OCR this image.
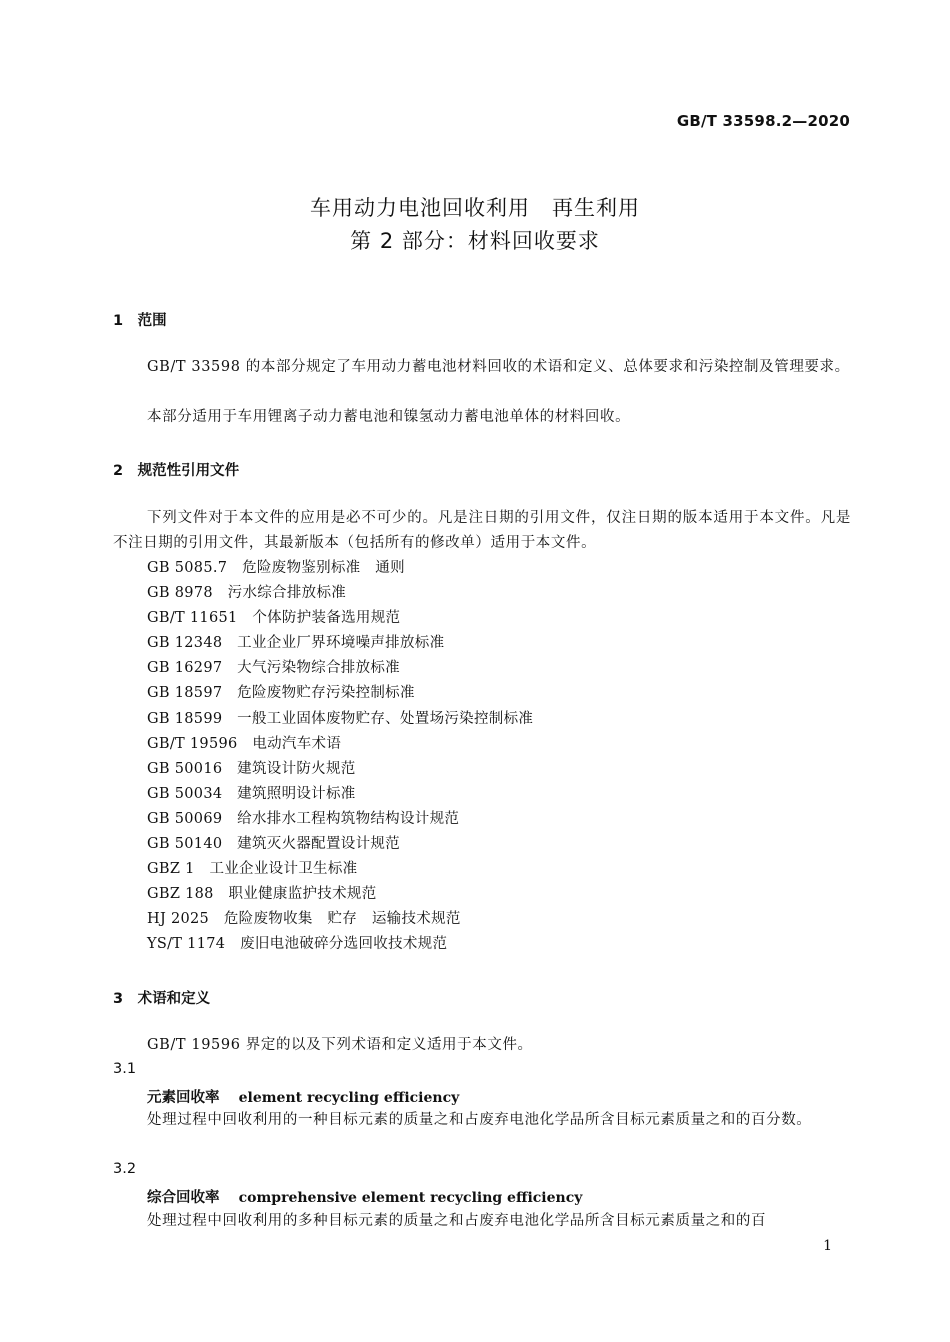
GB/T 33598.2—2020
车用动力电池回收利用　再生利用
第 2 部分：材料回收要求
1　范围
GB/T 33598 的本部分规定了车用动力蓄电池材料回收的术语和定义、总体要求和污染控制及管理要求。
本部分适用于车用锂离子动力蓄电池和镍氢动力蓄电池单体的材料回收。
2　规范性引用文件
下列文件对于本文件的应用是必不可少的。凡是注日期的引用文件，仅注日期的版本适用于本文件。凡是不注日期的引用文件，其最新版本（包括所有的修改单）适用于本文件。
GB 5085.7　危险废物鉴别标准　通则
GB 8978　污水综合排放标准
GB/T 11651　个体防护装备选用规范
GB 12348　工业企业厂界环境噪声排放标准
GB 16297　大气污染物综合排放标准
GB 18597　危险废物贮存污染控制标准
GB 18599　一般工业固体废物贮存、处置场污染控制标准
GB/T 19596　电动汽车术语
GB 50016　建筑设计防火规范
GB 50034　建筑照明设计标准
GB 50069　给水排水工程构筑物结构设计规范
GB 50140　建筑灭火器配置设计规范
GBZ 1　工业企业设计卫生标准
GBZ 188　职业健康监护技术规范
HJ 2025　危险废物收集　贮存　运输技术规范
YS/T 1174　废旧电池破碎分选回收技术规范
3　术语和定义
GB/T 19596 界定的以及下列术语和定义适用于本文件。
3.1
元素回收率　 element recycling efficiency
处理过程中回收利用的一种目标元素的质量之和占废弃电池化学品所含目标元素质量之和的百分数。
3.2
综合回收率　 comprehensive element recycling efficiency
处理过程中回收利用的多种目标元素的质量之和占废弃电池化学品所含目标元素质量之和的百
1
